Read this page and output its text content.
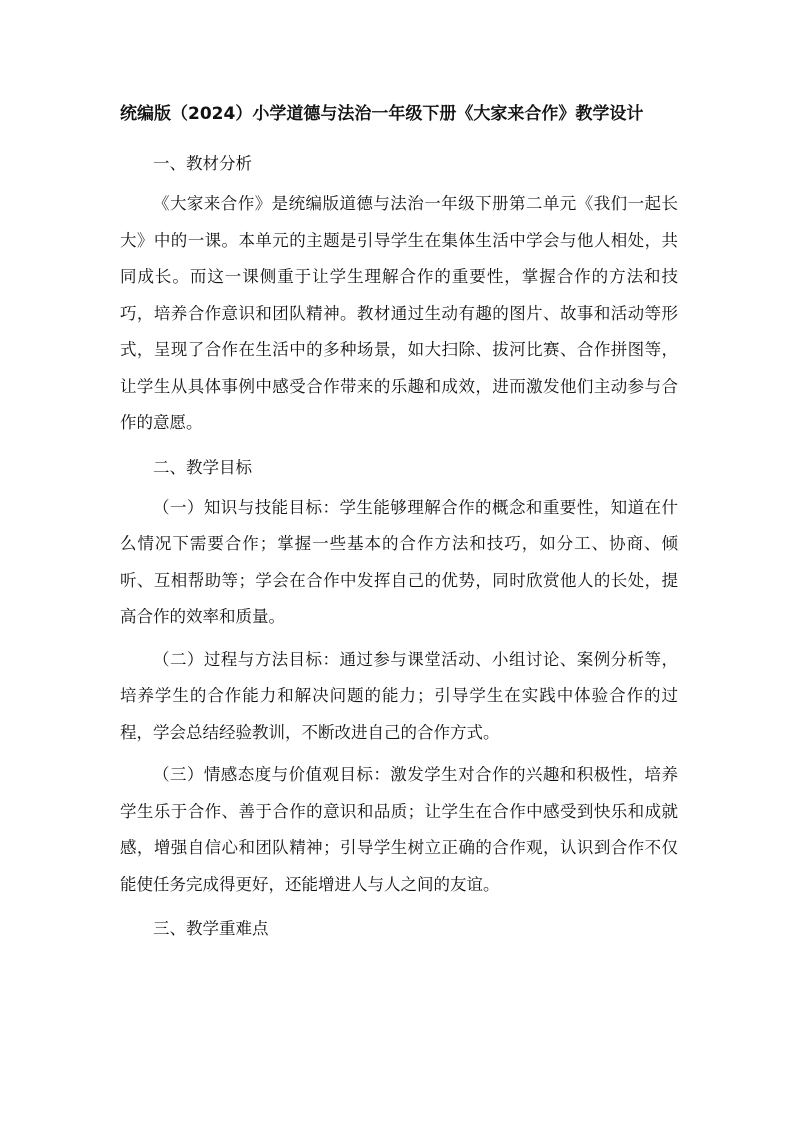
统编版（2024）小学道德与法治一年级下册《大家来合作》教学设计

一、教材分析

《大家来合作》是统编版道德与法治一年级下册第二单元《我们一起长大》中的一课。本单元的主题是引导学生在集体生活中学会与他人相处，共同成长。而这一课侧重于让学生理解合作的重要性，掌握合作的方法和技巧，培养合作意识和团队精神。教材通过生动有趣的图片、故事和活动等形式，呈现了合作在生活中的多种场景，如大扫除、拔河比赛、合作拼图等，让学生从具体事例中感受合作带来的乐趣和成效，进而激发他们主动参与合作的意愿。

二、教学目标

（一）知识与技能目标：学生能够理解合作的概念和重要性，知道在什么情况下需要合作；掌握一些基本的合作方法和技巧，如分工、协商、倾听、互相帮助等；学会在合作中发挥自己的优势，同时欣赏他人的长处，提高合作的效率和质量。

（二）过程与方法目标：通过参与课堂活动、小组讨论、案例分析等，培养学生的合作能力和解决问题的能力；引导学生在实践中体验合作的过程，学会总结经验教训，不断改进自己的合作方式。

（三）情感态度与价值观目标：激发学生对合作的兴趣和积极性，培养学生乐于合作、善于合作的意识和品质；让学生在合作中感受到快乐和成就感，增强自信心和团队精神；引导学生树立正确的合作观，认识到合作不仅能使任务完成得更好，还能增进人与人之间的友谊。

三、教学重难点
